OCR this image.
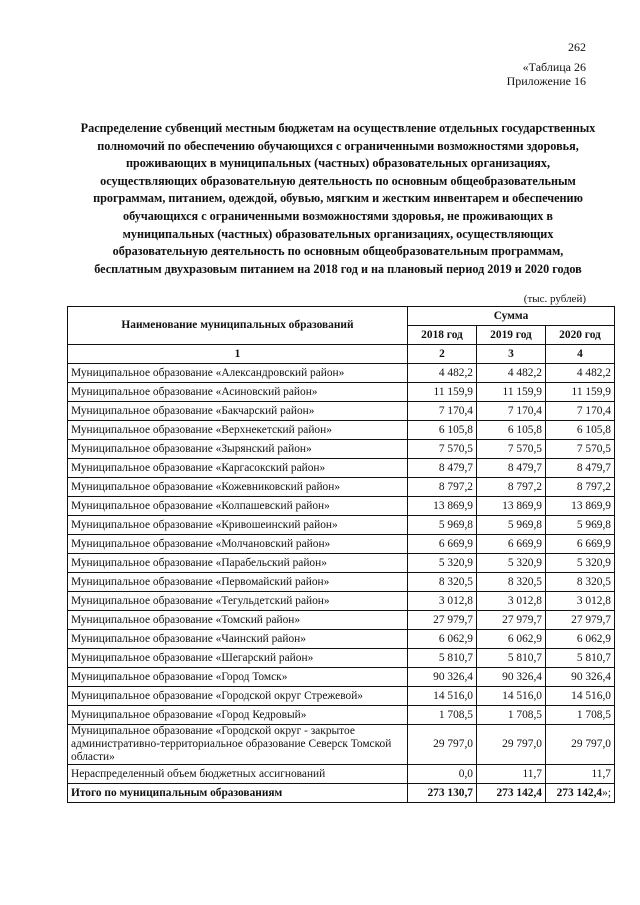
262
«Таблица 26
Приложение 16
Распределение субвенций местным бюджетам на осуществление отдельных государственных полномочий по обеспечению обучающихся с ограниченными возможностями здоровья, проживающих в муниципальных (частных) образовательных организациях, осуществляющих образовательную деятельность по основным общеобразовательным программам, питанием, одеждой, обувью, мягким и жестким инвентарем и обеспечению обучающихся с ограниченными возможностями здоровья, не проживающих в муниципальных (частных) образовательных организациях, осуществляющих образовательную деятельность по основным общеобразовательным программам, бесплатным двухразовым питанием на 2018 год и на плановый период 2019 и 2020 годов
(тыс. рублей)
Наименование муниципальных образований	Сумма		
	2018 год	2019 год	2020 год
1	2	3	4
Муниципальное образование «Александровский район»	4 482,2	4 482,2	4 482,2
Муниципальное образование «Асиновский район»	11 159,9	11 159,9	11 159,9
Муниципальное образование «Бакчарский район»	7 170,4	7 170,4	7 170,4
Муниципальное образование «Верхнекетский район»	6 105,8	6 105,8	6 105,8
Муниципальное образование «Зырянский район»	7 570,5	7 570,5	7 570,5
Муниципальное образование «Каргасокский район»	8 479,7	8 479,7	8 479,7
Муниципальное образование «Кожевниковский район»	8 797,2	8 797,2	8 797,2
Муниципальное образование «Колпашевский район»	13 869,9	13 869,9	13 869,9
Муниципальное образование «Кривошеинский район»	5 969,8	5 969,8	5 969,8
Муниципальное образование «Молчановский район»	6 669,9	6 669,9	6 669,9
Муниципальное образование «Парабельский район»	5 320,9	5 320,9	5 320,9
Муниципальное образование «Первомайский район»	8 320,5	8 320,5	8 320,5
Муниципальное образование «Тегульдетский район»	3 012,8	3 012,8	3 012,8
Муниципальное образование «Томский район»	27 979,7	27 979,7	27 979,7
Муниципальное образование «Чаинский район»	6 062,9	6 062,9	6 062,9
Муниципальное образование «Шегарский район»	5 810,7	5 810,7	5 810,7
Муниципальное образование «Город Томск»	90 326,4	90 326,4	90 326,4
Муниципальное образование «Городской округ Стрежевой»	14 516,0	14 516,0	14 516,0
Муниципальное образование «Город Кедровый»	1 708,5	1 708,5	1 708,5
Муниципальное образование «Городской округ - закрытое административно-территориальное образование Северск Томской области»	29 797,0	29 797,0	29 797,0
Нераспределенный объем бюджетных ассигнований	0,0	11,7	11,7
Итого по муниципальным образованиям	273 130,7	273 142,4	273 142,4»;
